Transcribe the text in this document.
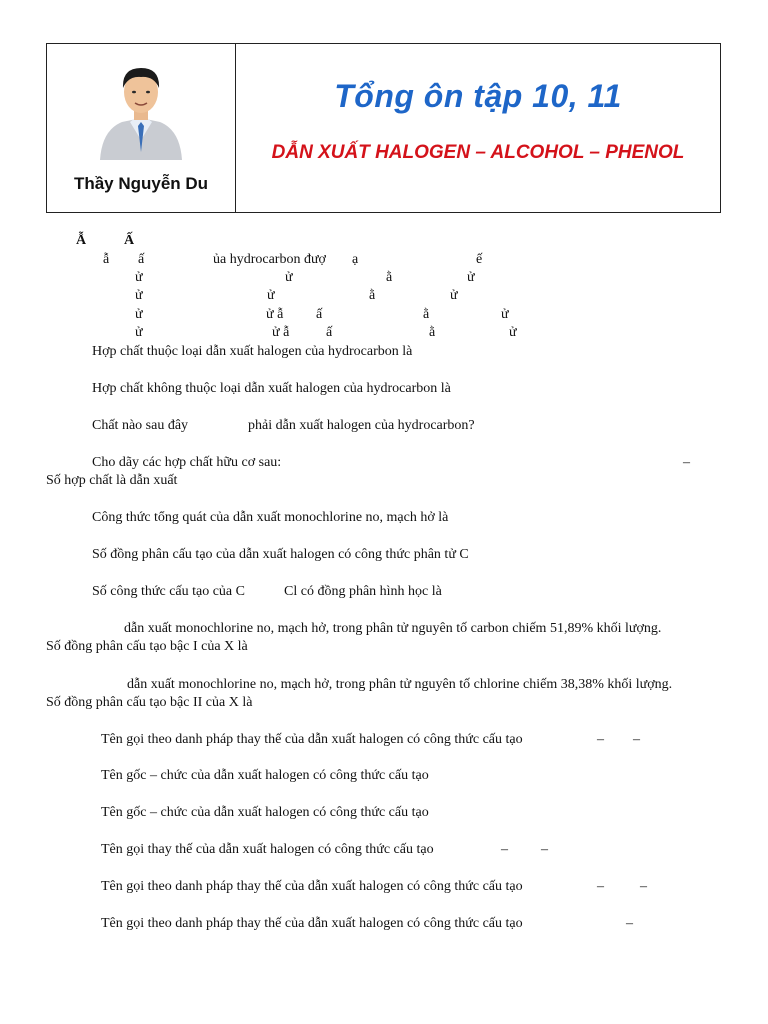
Thầy Nguyễn Du
Tổng ôn tập 10, 11
DẪN XUẤT HALOGEN – ALCOHOL – PHENOL
Ẫ	Ấ
ẫ ấ	ủa hydrocarbon đượ ạ	ế
ử	ử	ằ	ử
ử	ử	ằ	ử
ử	ử ẫ ấ	ằ	ử
ử	ử ẫ	ấ	ằ	ử
Hợp chất thuộc loại dẫn xuất halogen của hydrocarbon là
Hợp chất không thuộc loại dẫn xuất halogen của hydrocarbon là
Chất nào sau đây	phải dẫn xuất halogen của hydrocarbon?
Cho dãy các hợp chất hữu cơ sau:	–
Số hợp chất là dẫn xuất
Công thức tổng quát của dẫn xuất monochlorine no, mạch hở là
Số đồng phân cấu tạo của dẫn xuất halogen có công thức phân tử C
Số công thức cấu tạo của C	Cl có đồng phân hình học là
dẫn xuất monochlorine no, mạch hở, trong phân tử nguyên tố carbon chiếm 51,89% khối lượng.
Số đồng phân cấu tạo bậc I của X là
dẫn xuất monochlorine no, mạch hở, trong phân tử nguyên tố chlorine chiếm 38,38% khối lượng.
Số đồng phân cấu tạo bậc II của X là
Tên gọi theo danh pháp thay thế của dẫn xuất halogen có công thức cấu tạo	– –
Tên gốc – chức của dẫn xuất halogen có công thức cấu tạo
Tên gốc – chức của dẫn xuất halogen có công thức cấu tạo
Tên gọi thay thế của dẫn xuất halogen có công thức cấu tạo	– –
Tên gọi theo danh pháp thay thế của dẫn xuất halogen có công thức cấu tạo	–	–
Tên gọi theo danh pháp thay thế của dẫn xuất halogen có công thức cấu tạo	–
